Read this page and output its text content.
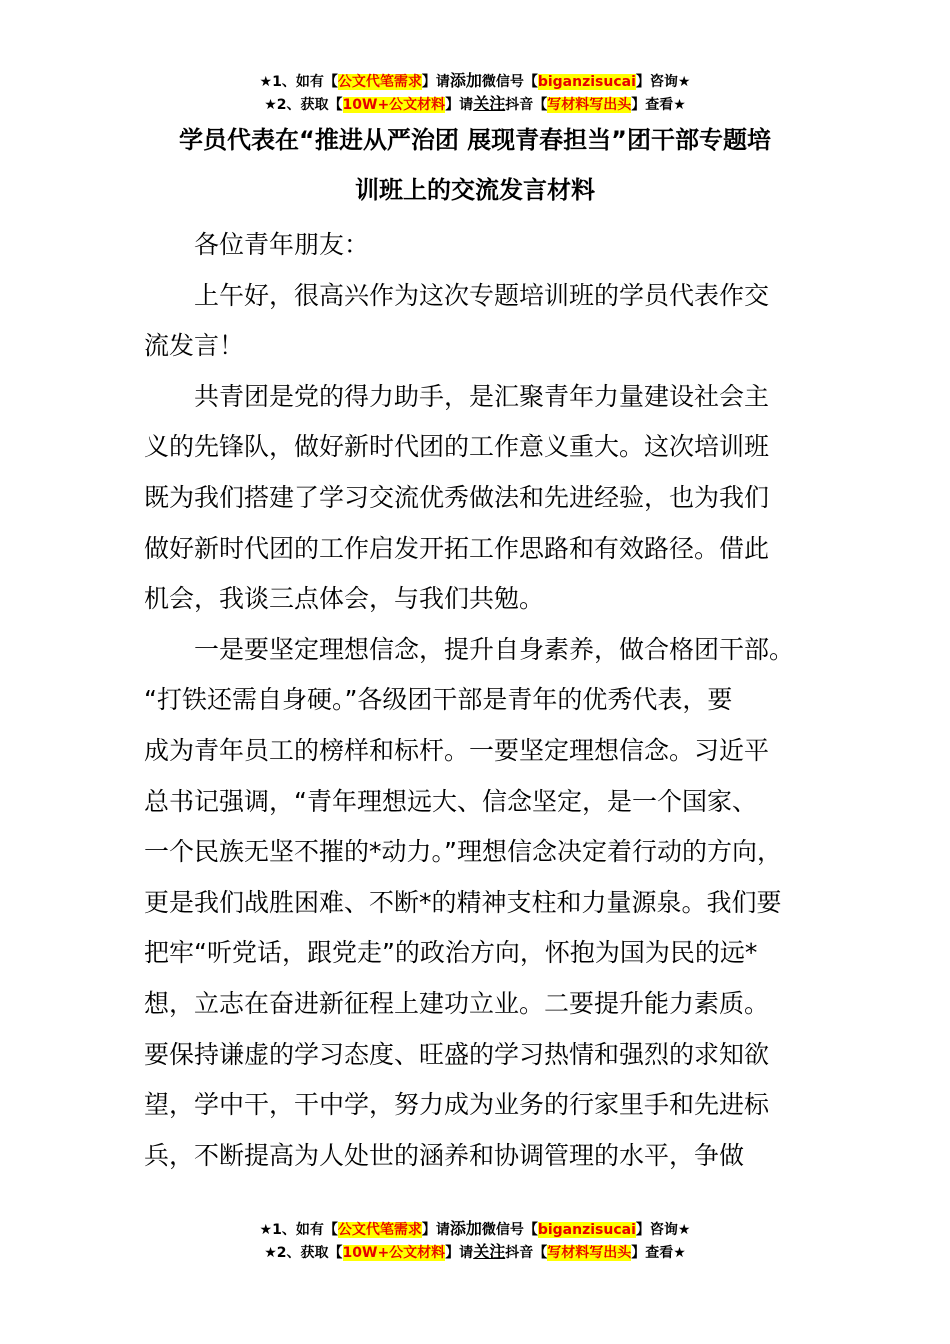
★1、如有【公文代笔需求】请添加微信号【biganzisucai】咨询★
★2、获取【10W+公文材料】请关注抖音【写材料写出头】查看★
学员代表在“推进从严治团 展现青春担当”团干部专题培
训班上的交流发言材料

各位青年朋友：

上午好，很高兴作为这次专题培训班的学员代表作交

流发言！

共青团是党的得力助手，是汇聚青年力量建设社会主

义的先锋队，做好新时代团的工作意义重大。这次培训班

既为我们搭建了学习交流优秀做法和先进经验，也为我们

做好新时代团的工作启发开拓工作思路和有效路径。借此

机会，我谈三点体会，与我们共勉。

一是要坚定理想信念，提升自身素养，做合格团干部。

“打铁还需自身硬。”各级团干部是青年的优秀代表，要

成为青年员工的榜样和标杆。一要坚定理想信念。习近平

总书记强调，“青年理想远大、信念坚定，是一个国家、

一个民族无坚不摧的*动力。”理想信念决定着行动的方向，

更是我们战胜困难、不断*的精神支柱和力量源泉。我们要

把牢“听党话，跟党走”的政治方向，怀抱为国为民的远*

想，立志在奋进新征程上建功立业。二要提升能力素质。

要保持谦虚的学习态度、旺盛的学习热情和强烈的求知欲

望，学中干，干中学，努力成为业务的行家里手和先进标

兵，不断提高为人处世的涵养和协调管理的水平，争做

★1、如有【公文代笔需求】请添加微信号【biganzisucai】咨询★
★2、获取【10W+公文材料】请关注抖音【写材料写出头】查看★
